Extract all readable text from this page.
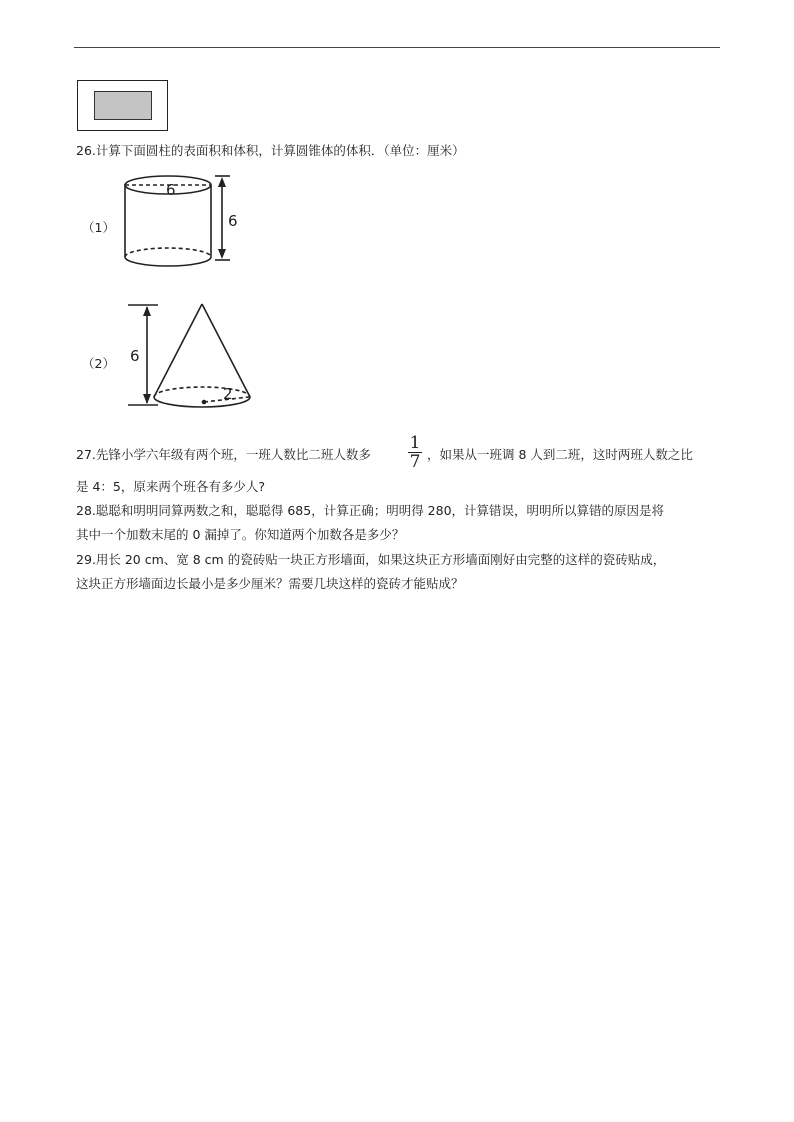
26.计算下面圆柱的表面积和体积，计算圆锥体的体积．（单位：厘米）
（1）
6
6
（2） 6
2
27.先锋小学六年级有两个班，一班人数比二班人数多
1
7 ，如果从一班调 8 人到二班，这时两班人数之比
是 4：5，原来两个班各有多少人?
28.聪聪和明明同算两数之和，聪聪得 685，计算正确；明明得 280，计算错误，明明所以算错的原因是将
其中一个加数末尾的 0 漏掉了。你知道两个加数各是多少？
29.用长 20 cm、宽 8 cm 的瓷砖贴一块正方形墙面，如果这块正方形墙面刚好由完整的这样的瓷砖贴成，
这块正方形墙面边长最小是多少厘米？需要几块这样的瓷砖才能贴成？
